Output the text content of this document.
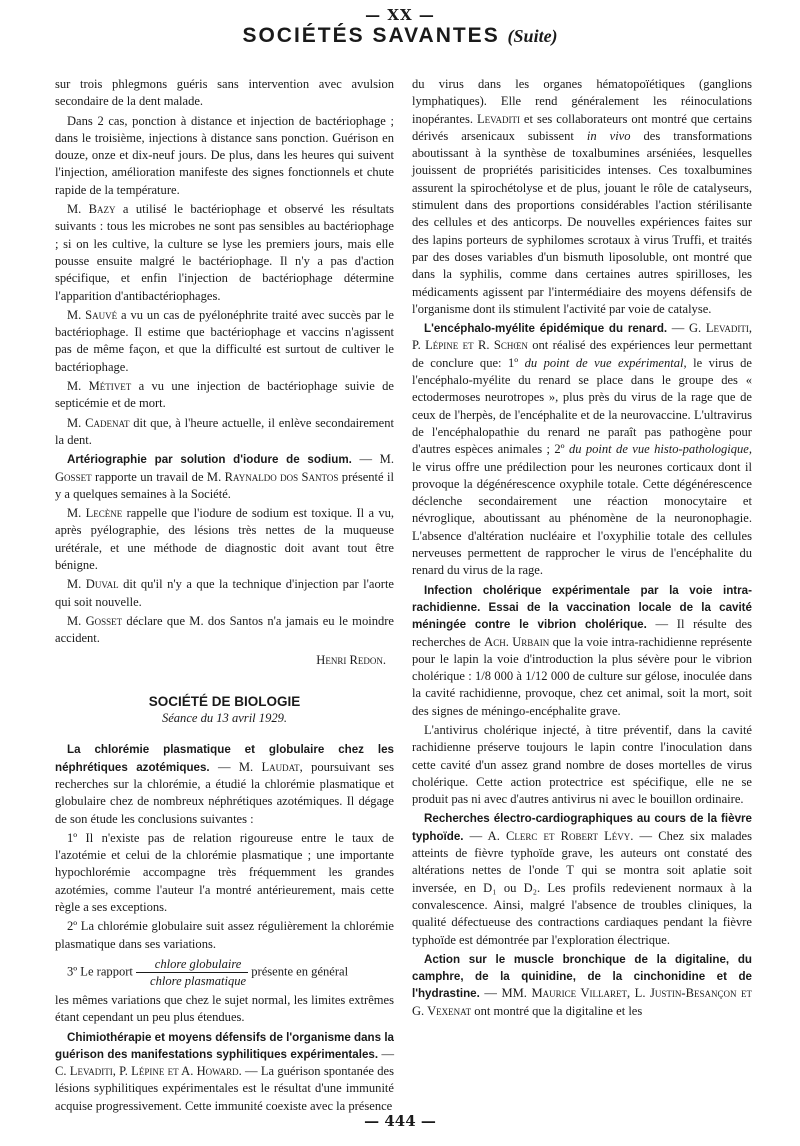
— XX —
SOCIÉTÉS SAVANTES (Suite)

sur trois phlegmons guéris sans intervention avec avulsion secondaire de la dent malade.

Dans 2 cas, ponction à distance et injection de bactériophage ; dans le troisième, injections à distance sans ponction. Guérison en douze, onze et dix-neuf jours. De plus, dans les heures qui suivent l'injection, amélioration manifeste des signes fonctionnels et chute rapide de la température.

M. Bazy a utilisé le bactériophage et observé les résultats suivants : tous les microbes ne sont pas sensibles au bactériophage ; si on les cultive, la culture se lyse les premiers jours, mais elle pousse ensuite malgré le bactériophage. Il n'y a pas d'action spécifique, et enfin l'injection de bactériophage détermine l'apparition d'antibactériophages.

M. Sauvé a vu un cas de pyélonéphrite traité avec succès par le bactériophage. Il estime que bactériophage et vaccins n'agissent pas de même façon, et que la difficulté est surtout de cultiver le bactériophage.

M. Métivet a vu une injection de bactériophage suivie de septicémie et de mort.

M. Cadenat dit que, à l'heure actuelle, il enlève secondairement la dent.

Artériographie par solution d'iodure de sodium. — M. Gosset rapporte un travail de M. Raynaldo dos Santos présenté il y a quelques semaines à la Société.

M. Lecène rappelle que l'iodure de sodium est toxique. Il a vu, après pyélographie, des lésions très nettes de la muqueuse urétérale, et une méthode de diagnostic doit avant tout être bénigne.

M. Duval dit qu'il n'y a que la technique d'injection par l'aorte qui soit nouvelle.

M. Gosset déclare que M. dos Santos n'a jamais eu le moindre accident.

Henri Redon.
SOCIÉTÉ DE BIOLOGIE
Séance du 13 avril 1929.

La chlorémie plasmatique et globulaire chez les néphrétiques azotémiques. — M. Laudat, poursuivant ses recherches sur la chlorémie, a étudié la chlorémie plasmatique et globulaire chez de nombreux néphrétiques azotémiques. Il dégage de son étude les conclusions suivantes :

1º Il n'existe pas de relation rigoureuse entre le taux de l'azotémie et celui de la chlorémie plasmatique ; une importante hypochlorémie accompagne très fréquemment les grandes azotémies, comme l'auteur l'a montré antérieurement, mais cette règle a ses exceptions.

2º La chlorémie globulaire suit assez régulièrement la chlorémie plasmatique dans ses variations.

3º Le rapport $\frac{\text{chlore globulaire}}{\text{chlore plasmatique}}$ présente en général

les mêmes variations que chez le sujet normal, les limites extrêmes étant cependant un peu plus étendues.

Chimiothérapie et moyens défensifs de l'organisme dans la guérison des manifestations syphilitiques expérimentales. — C. Levaditi, P. Lépine et A. Howard. — La guérison spontanée des lésions syphilitiques expérimentales est le résultat d'une immunité acquise progressivement. Cette immunité coexiste avec la présence

du virus dans les organes hématopoïétiques (ganglions lymphatiques). Elle rend généralement les réinoculations inopérantes. Levaditi et ses collaborateurs ont montré que certains dérivés arsenicaux subissent in vivo des transformations aboutissant à la synthèse de toxalbumines arséniées, lesquelles jouissent de propriétés parisiticides intenses. Ces toxalbumines assurent la spirochétolyse et de plus, jouant le rôle de catalyseurs, stimulent dans des proportions considérables l'action stérilisante des cellules et des anticorps. De nouvelles expériences faites sur des lapins porteurs de syphilomes scrotaux à virus Truffi, et traités par des doses variables d'un bismuth liposoluble, ont montré que dans la syphilis, comme dans certaines autres spirilloses, les médicaments agissent par l'intermédiaire des moyens défensifs de l'organisme dont ils stimulent l'activité par voie de catalyse.

L'encéphalo-myélite épidémique du renard. — G. Levaditi, P. Lépine et R. Schœn ont réalisé des expériences leur permettant de conclure que: 1º du point de vue expérimental, le virus de l'encéphalo-myélite du renard se place dans le groupe des « ectodermoses neurotropes », plus près du virus de la rage que de ceux de l'herpès, de l'encéphalite et de la neurovaccine. L'ultravirus de l'encéphalopathie du renard ne paraît pas pathogène pour d'autres espèces animales ; 2º du point de vue histo-pathologique, le virus offre une prédilection pour les neurones corticaux dont il provoque la dégénérescence oxyphile totale. Cette dégénérescence déclenche secondairement une réaction monocytaire et névroglique, aboutissant au phénomène de la neuronophagie. L'absence d'altération nucléaire et l'oxyphilie totale des cellules nerveuses permettent de rapprocher le virus de l'encéphalite du renard du virus de la rage.

Infection cholérique expérimentale par la voie intra-rachidienne. Essai de la vaccination locale de la cavité méningée contre le vibrion cholérique. — Il résulte des recherches de Ach. Urbain que la voie intra-rachidienne représente pour le lapin la voie d'introduction la plus sévère pour le vibrion cholérique : 1/8 000 à 1/12 000 de culture sur gélose, inoculée dans la cavité rachidienne, provoque, chez cet animal, soit la mort, soit des signes de méningo-encéphalite grave.

L'antivirus cholérique injecté, à titre préventif, dans la cavité rachidienne préserve toujours le lapin contre l'inoculation dans cette cavité d'un assez grand nombre de doses mortelles de virus cholérique. Cette action protectrice est spécifique, elle ne se produit pas ni avec d'autres antivirus ni avec le bouillon ordinaire.

Recherches électro-cardiographiques au cours de la fièvre typhoïde. — A. Clerc et Robert Lévy. — Chez six malades atteints de fièvre typhoïde grave, les auteurs ont constaté des altérations nettes de l'onde T qui se montra soit aplatie soit inversée, en D₁ ou D₂. Les profils redevienent normaux à la convalescence. Ainsi, malgré l'absence de troubles cliniques, la qualité défectueuse des contractions cardiaques pendant la fièvre typhoïde est démontrée par l'exploration électrique.

Action sur le muscle bronchique de la digitaline, du camphre, de la quinidine, de la cinchonidine et de l'hydrastine. — MM. Maurice Villaret, L. Justin-Besançon et G. Vexenat ont montré que la digitaline et les

— 444 —
